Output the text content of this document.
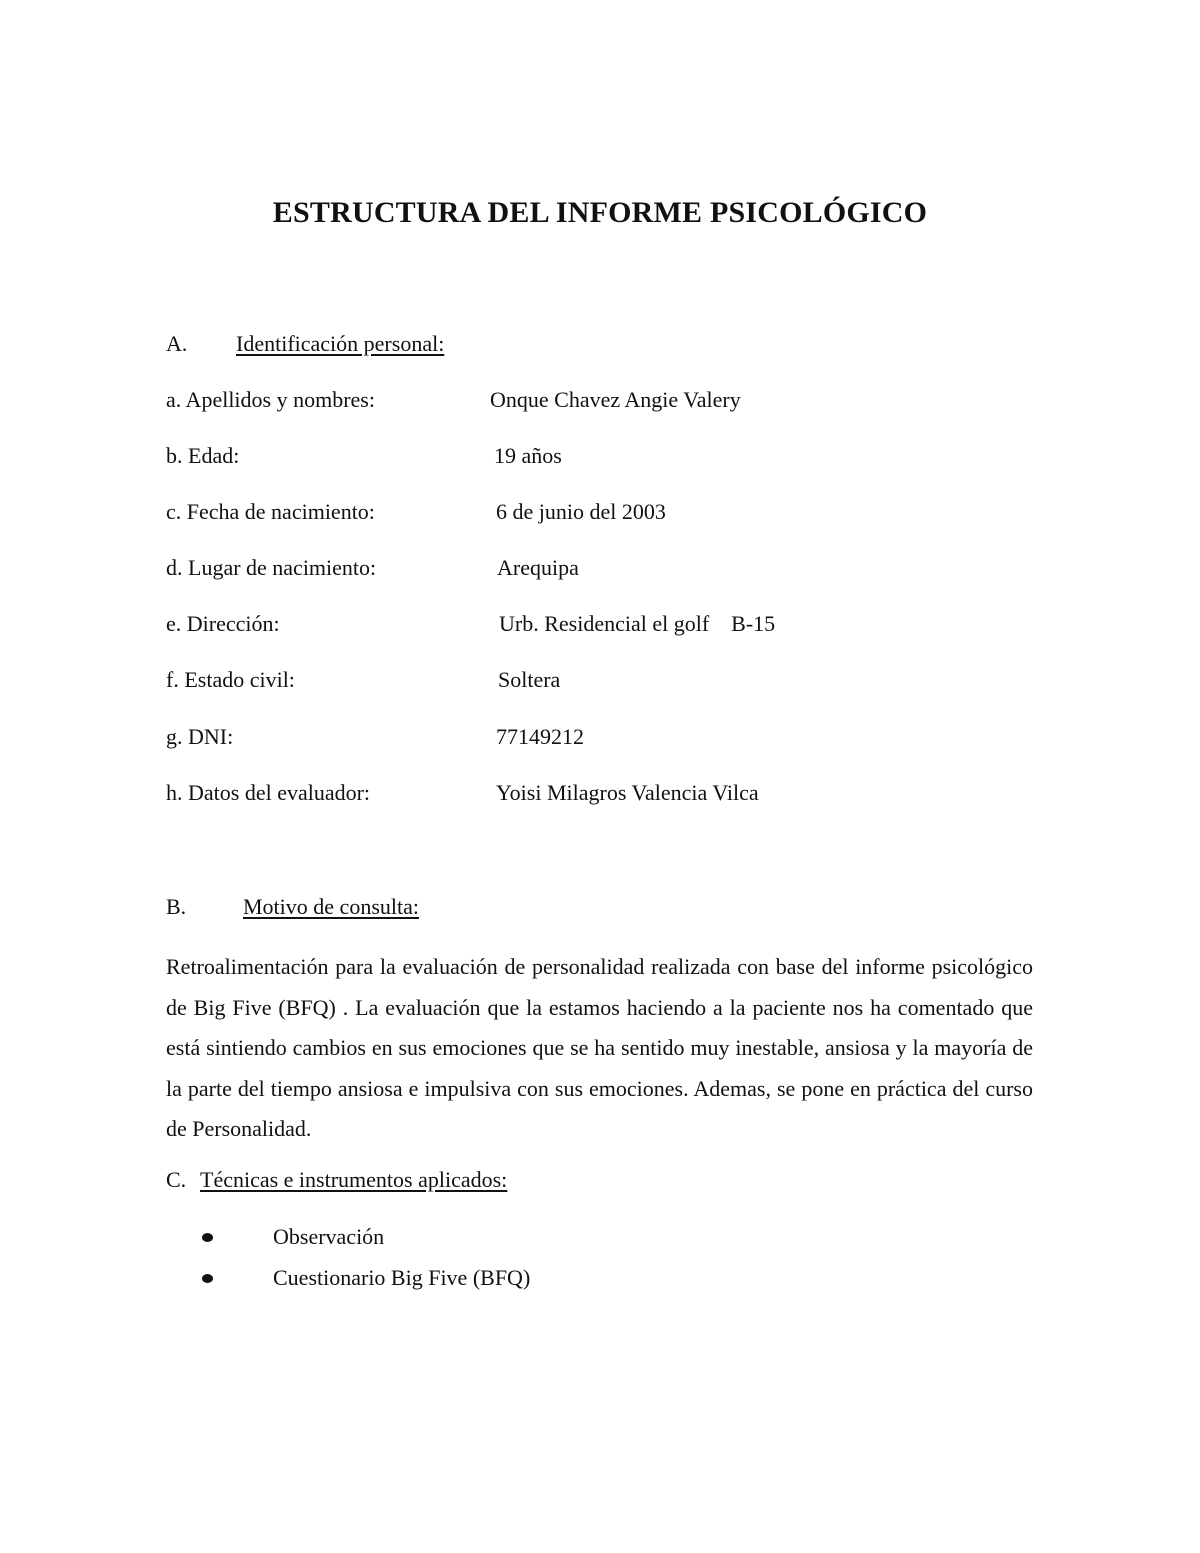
ESTRUCTURA DEL INFORME PSICOLÓGICO
A. Identificación personal:
a. Apellidos y nombres:	Onque Chavez Angie Valery
b. Edad:	19 años
c. Fecha de nacimiento:	6 de junio del 2003
d. Lugar de nacimiento:	Arequipa
e. Dirección:	Urb. Residencial el golf    B-15
f. Estado civil:	Soltera
g. DNI:	77149212
h. Datos del evaluador:	Yoisi Milagros Valencia Vilca
B.	Motivo de consulta:
Retroalimentación para la evaluación de personalidad realizada con base del informe psicológico de Big Five (BFQ) . La evaluación que la estamos haciendo a la paciente nos ha comentado que está sintiendo cambios en sus emociones que se ha sentido muy inestable, ansiosa y la mayoría de la parte del tiempo ansiosa e impulsiva con sus emociones. Ademas, se pone en práctica del curso de Personalidad.
C. Técnicas e instrumentos aplicados:
Observación
Cuestionario Big Five (BFQ)
